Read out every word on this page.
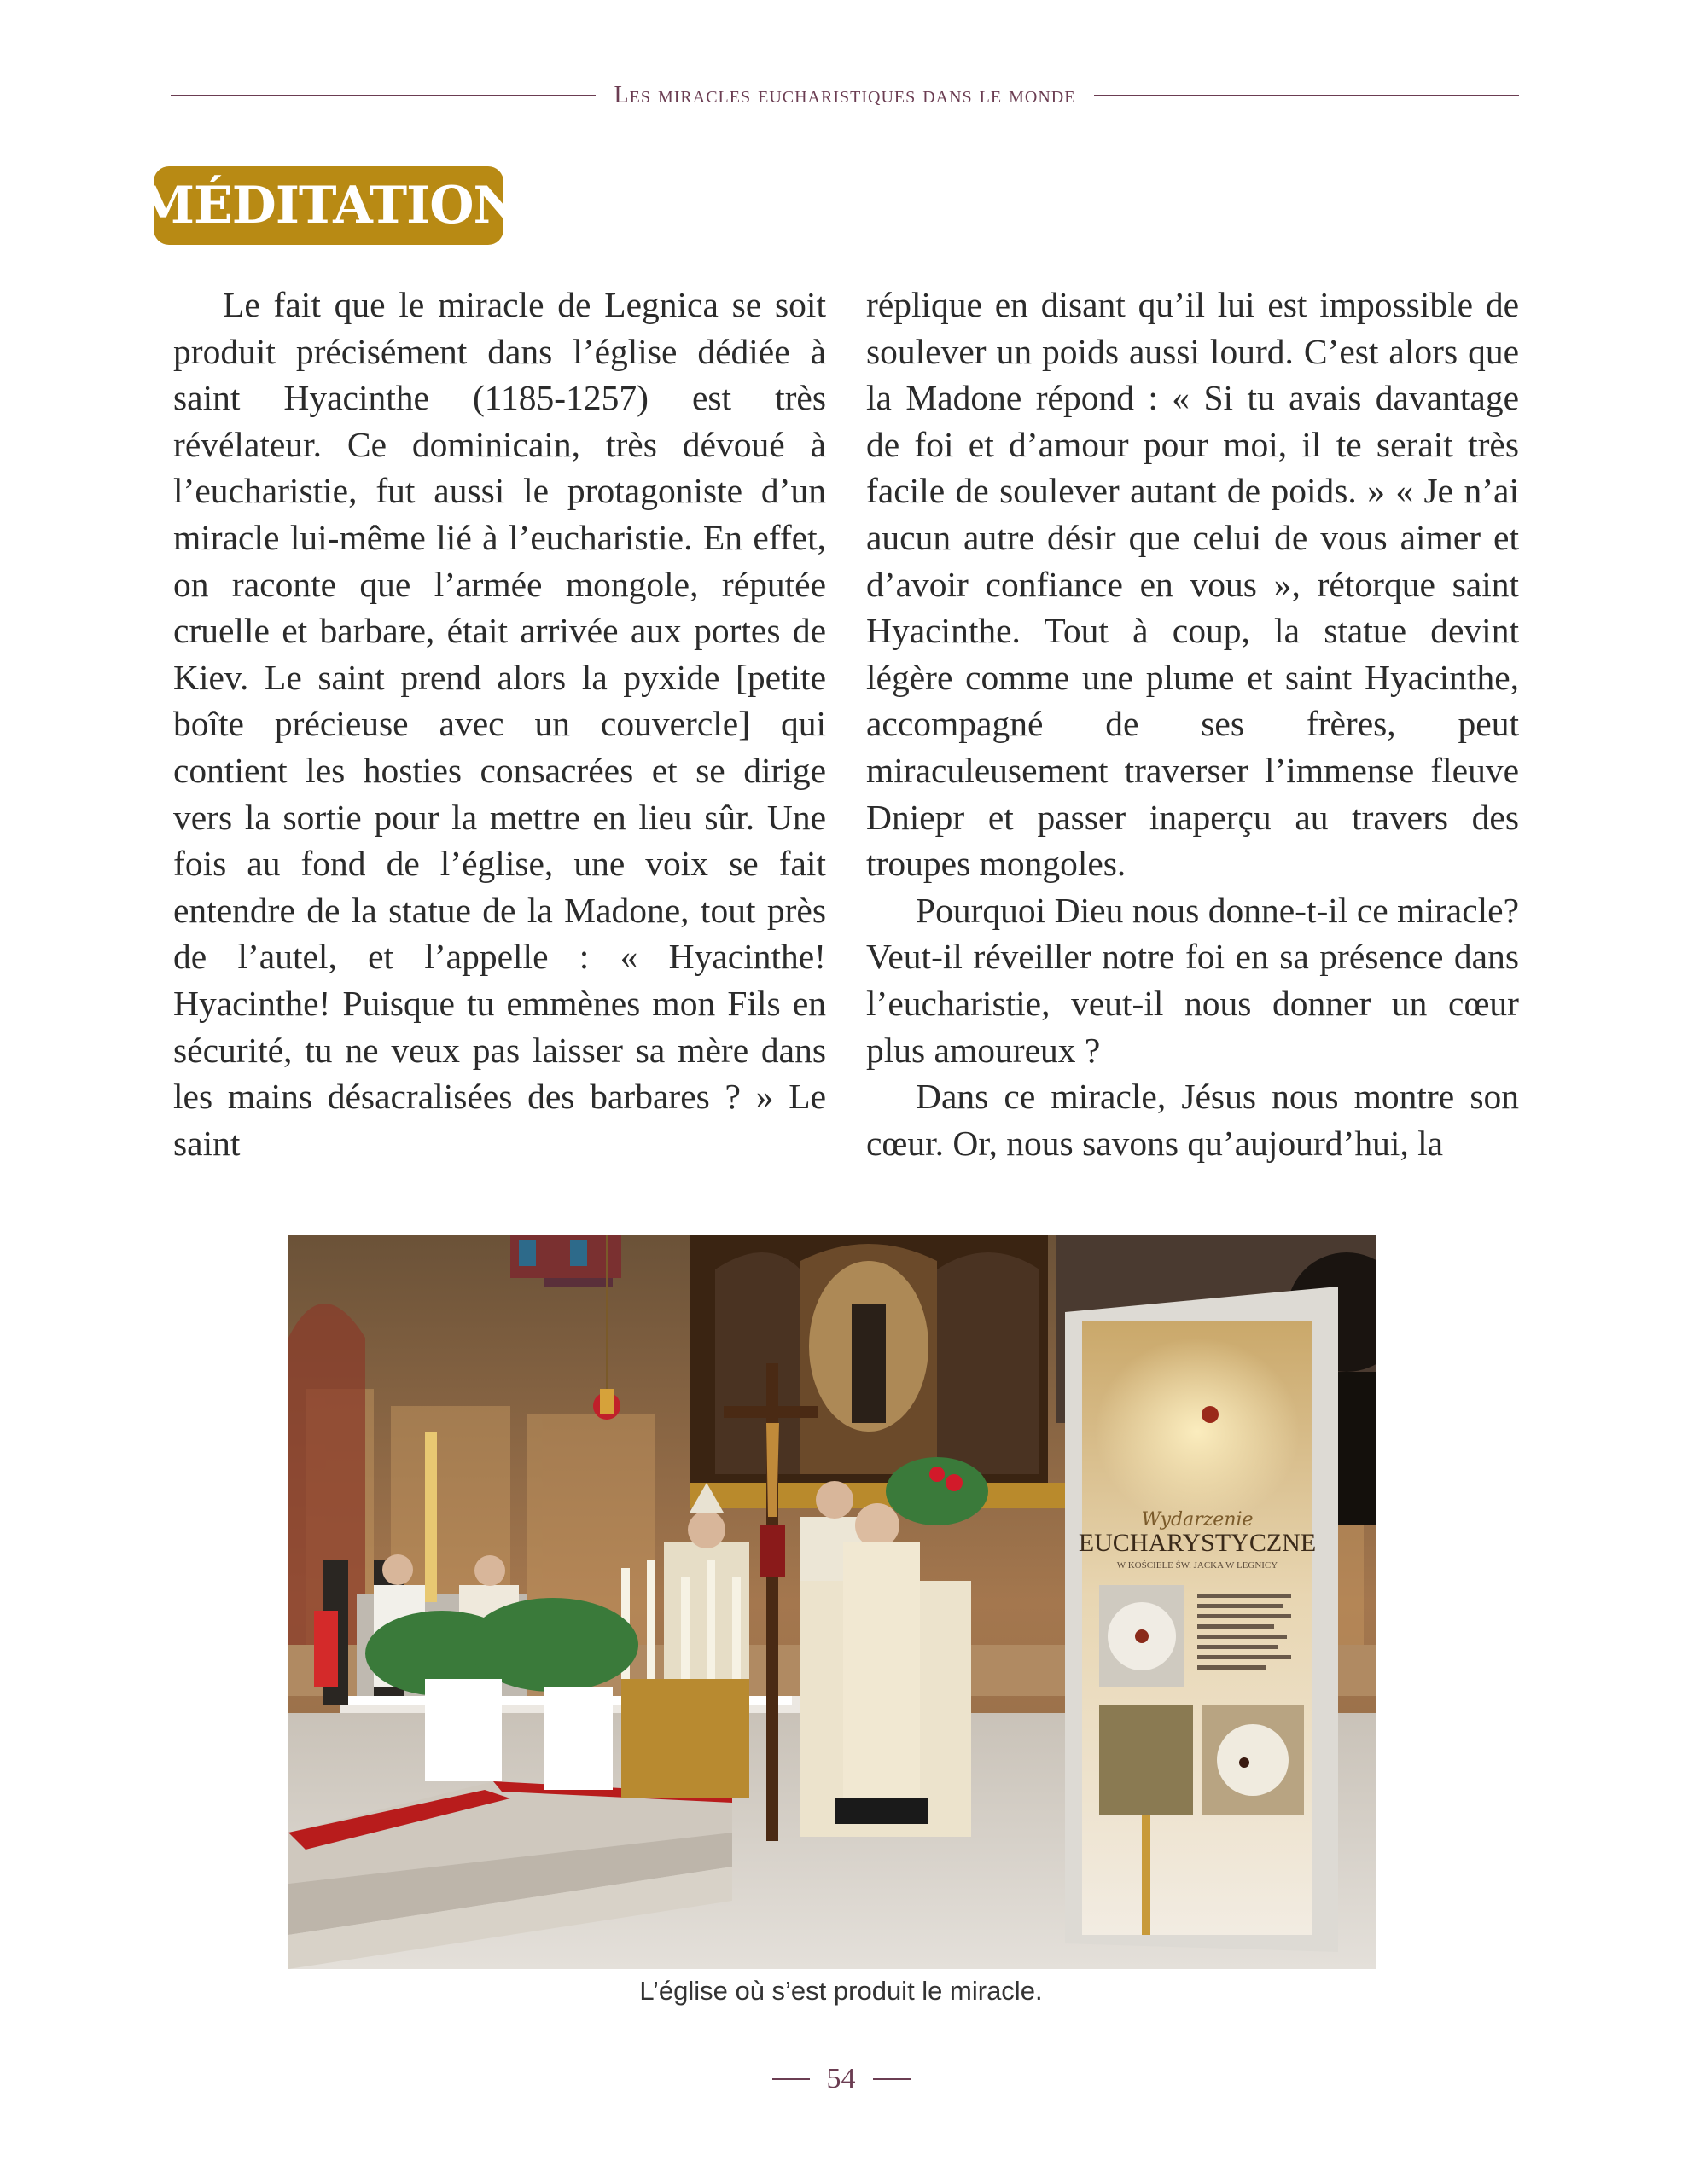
Les miracles eucharistiques dans le monde
MÉDITATION

Le fait que le miracle de Legnica se soit produit précisément dans l’église dédiée à saint Hyacinthe (1185-1257) est très révélateur. Ce dominicain, très dévoué à l’eucharistie, fut aussi le protagoniste d’un miracle lui-même lié à l’eucharistie. En effet, on raconte que l’armée mongole, réputée cruelle et barbare, était arrivée aux portes de Kiev. Le saint prend alors la pyxide [petite boîte précieuse avec un couvercle] qui contient les hosties consacrées et se dirige vers la sortie pour la mettre en lieu sûr. Une fois au fond de l’église, une voix se fait entendre de la statue de la Madone, tout près de l’autel, et l’appelle : « Hyacinthe! Hyacinthe! Puisque tu emmènes mon Fils en sécurité, tu ne veux pas laisser sa mère dans les mains désacralisées des barbares ? » Le saint

réplique en disant qu’il lui est impossible de soulever un poids aussi lourd. C’est alors que la Madone répond : « Si tu avais davantage de foi et d’amour pour moi, il te serait très facile de soulever autant de poids. » « Je n’ai aucun autre désir que celui de vous aimer et d’avoir confiance en vous », rétorque saint Hyacinthe. Tout à coup, la statue devint légère comme une plume et saint Hyacinthe, accompagné de ses frères, peut miraculeusement traverser l’immense fleuve Dniepr et passer inaperçu au travers des troupes mongoles.

Pourquoi Dieu nous donne-t-il ce miracle? Veut-il réveiller notre foi en sa présence dans l’eucharistie, veut-il nous donner un cœur plus amoureux ?

Dans ce miracle, Jésus nous montre son cœur. Or, nous savons qu’aujourd’hui, la

Wydarzenie
EUCHARYSTYCZNE
W KOŚCIELE ŚW. JACKA W LEGNICY
L’église où s’est produit le miracle.
54
